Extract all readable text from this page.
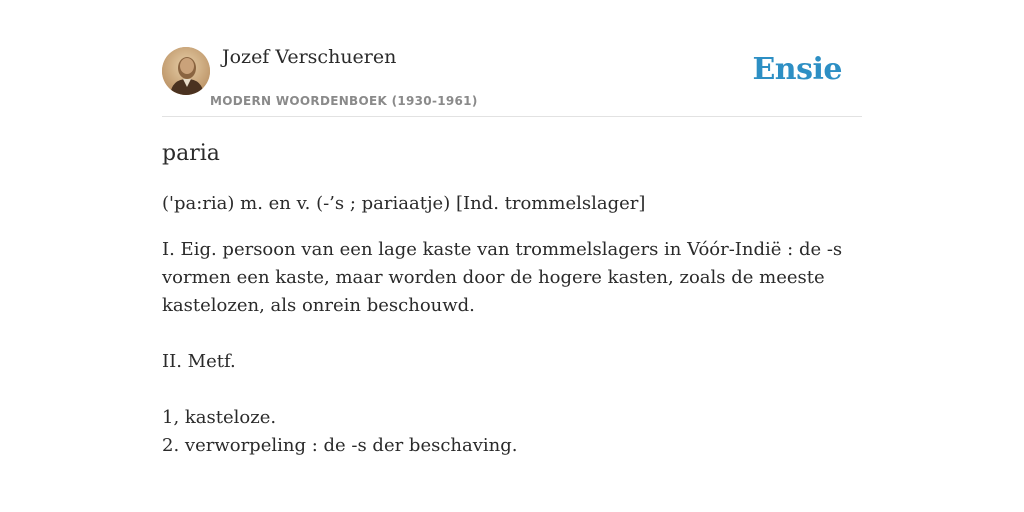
Jozef Verschueren
MODERN WOORDENBOEK (1930-1961)
Ensie
paria

('pa:ria) m. en v. (-’s ; pariaatje) [Ind. trommelslager]

I. Eig. persoon van een lage kaste van trommelslagers in Vóór-Indië : de -s
vormen een kaste, maar worden door de hogere kasten, zoals de meeste
kastelozen, als onrein beschouwd.
II. Metf.
1, kasteloze.
2. verworpeling : de -s der beschaving.
